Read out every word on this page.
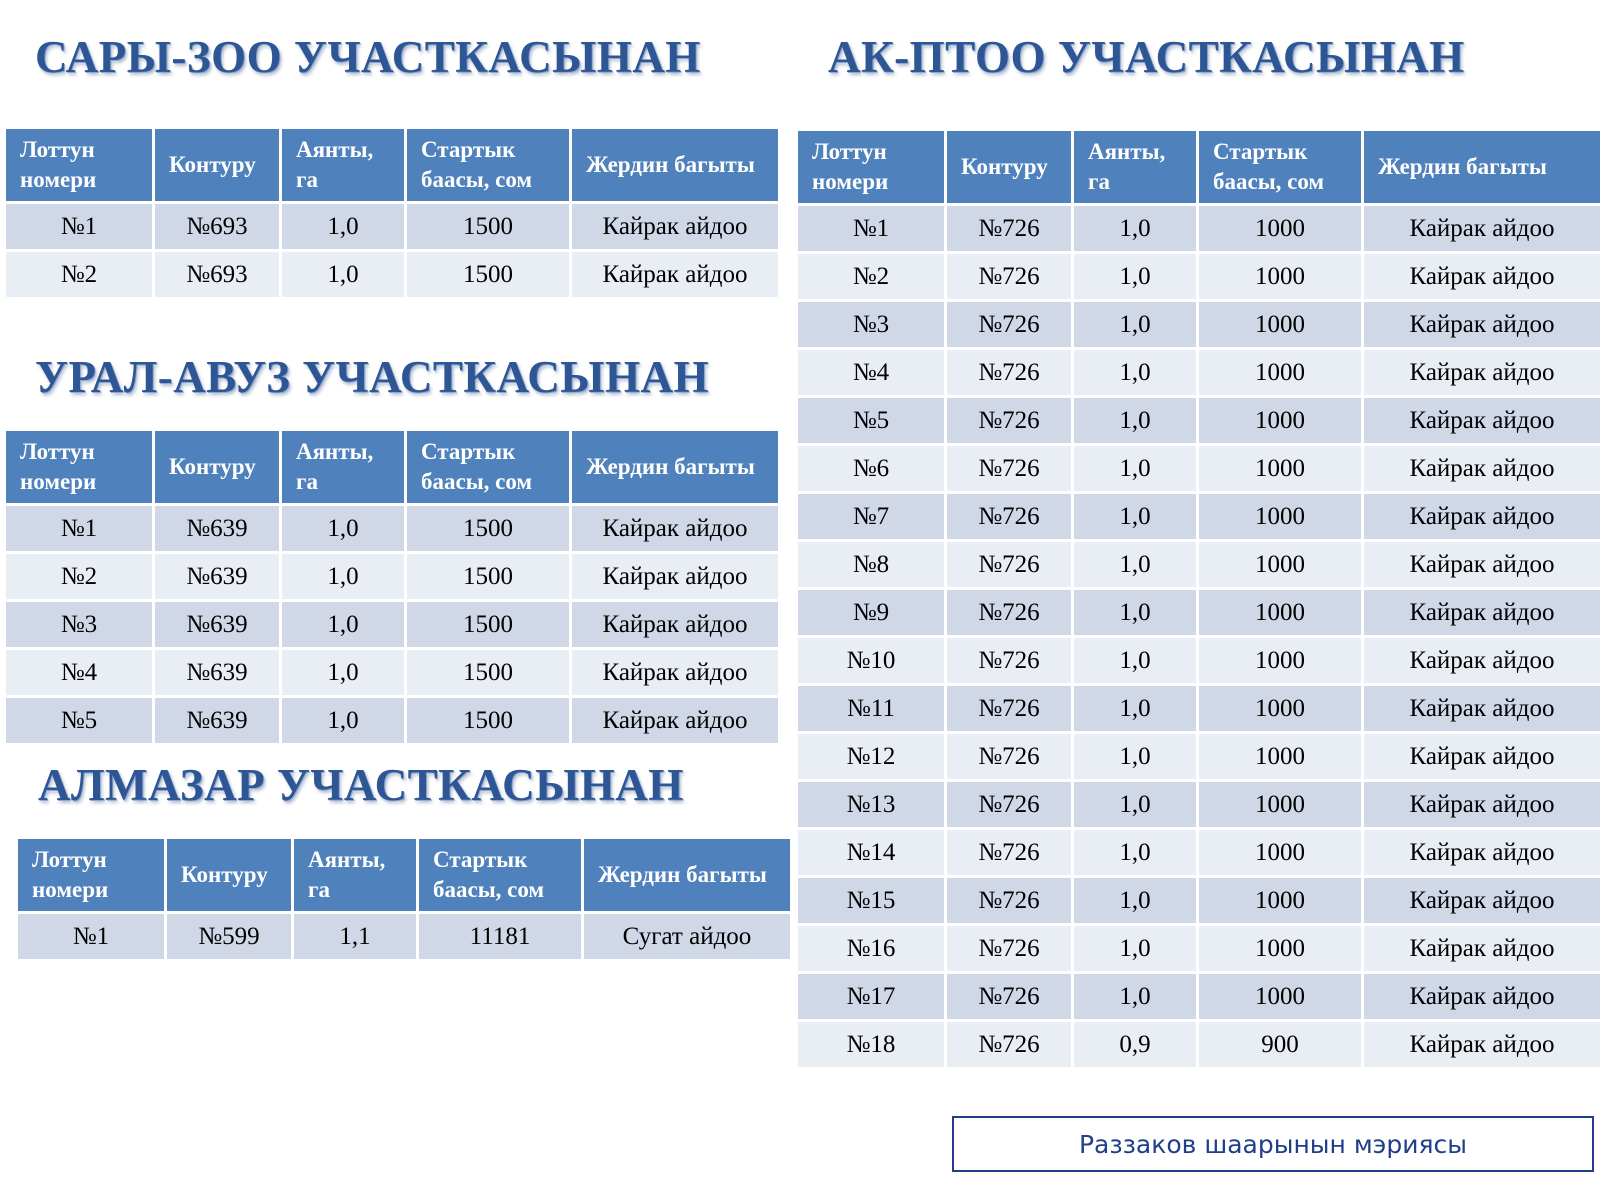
САРЫ-ЗОО УЧАСТКАСЫНАН
Лоттун номери	Контуру	Аянты, га	Стартык баасы, сом	Жердин багыты
№1	№693	1,0	1500	Кайрак айдоо
№2	№693	1,0	1500	Кайрак айдоо
УРАЛ-АВУЗ УЧАСТКАСЫНАН
Лоттун номери	Контуру	Аянты, га	Стартык баасы, сом	Жердин багыты
№1	№639	1,0	1500	Кайрак айдоо
№2	№639	1,0	1500	Кайрак айдоо
№3	№639	1,0	1500	Кайрак айдоо
№4	№639	1,0	1500	Кайрак айдоо
№5	№639	1,0	1500	Кайрак айдоо
АЛМАЗАР УЧАСТКАСЫНАН
Лоттун номери	Контуру	Аянты, га	Стартык баасы, сом	Жердин багыты
№1	№599	1,1	11181	Сугат айдоо
АК-ПТОО УЧАСТКАСЫНАН
Лоттун номери	Контуру	Аянты, га	Стартык баасы, сом	Жердин багыты
№1	№726	1,0	1000	Кайрак айдоо
№2	№726	1,0	1000	Кайрак айдоо
№3	№726	1,0	1000	Кайрак айдоо
№4	№726	1,0	1000	Кайрак айдоо
№5	№726	1,0	1000	Кайрак айдоо
№6	№726	1,0	1000	Кайрак айдоо
№7	№726	1,0	1000	Кайрак айдоо
№8	№726	1,0	1000	Кайрак айдоо
№9	№726	1,0	1000	Кайрак айдоо
№10	№726	1,0	1000	Кайрак айдоо
№11	№726	1,0	1000	Кайрак айдоо
№12	№726	1,0	1000	Кайрак айдоо
№13	№726	1,0	1000	Кайрак айдоо
№14	№726	1,0	1000	Кайрак айдоо
№15	№726	1,0	1000	Кайрак айдоо
№16	№726	1,0	1000	Кайрак айдоо
№17	№726	1,0	1000	Кайрак айдоо
№18	№726	0,9	900	Кайрак айдоо
Раззаков шаарынын мэриясы
